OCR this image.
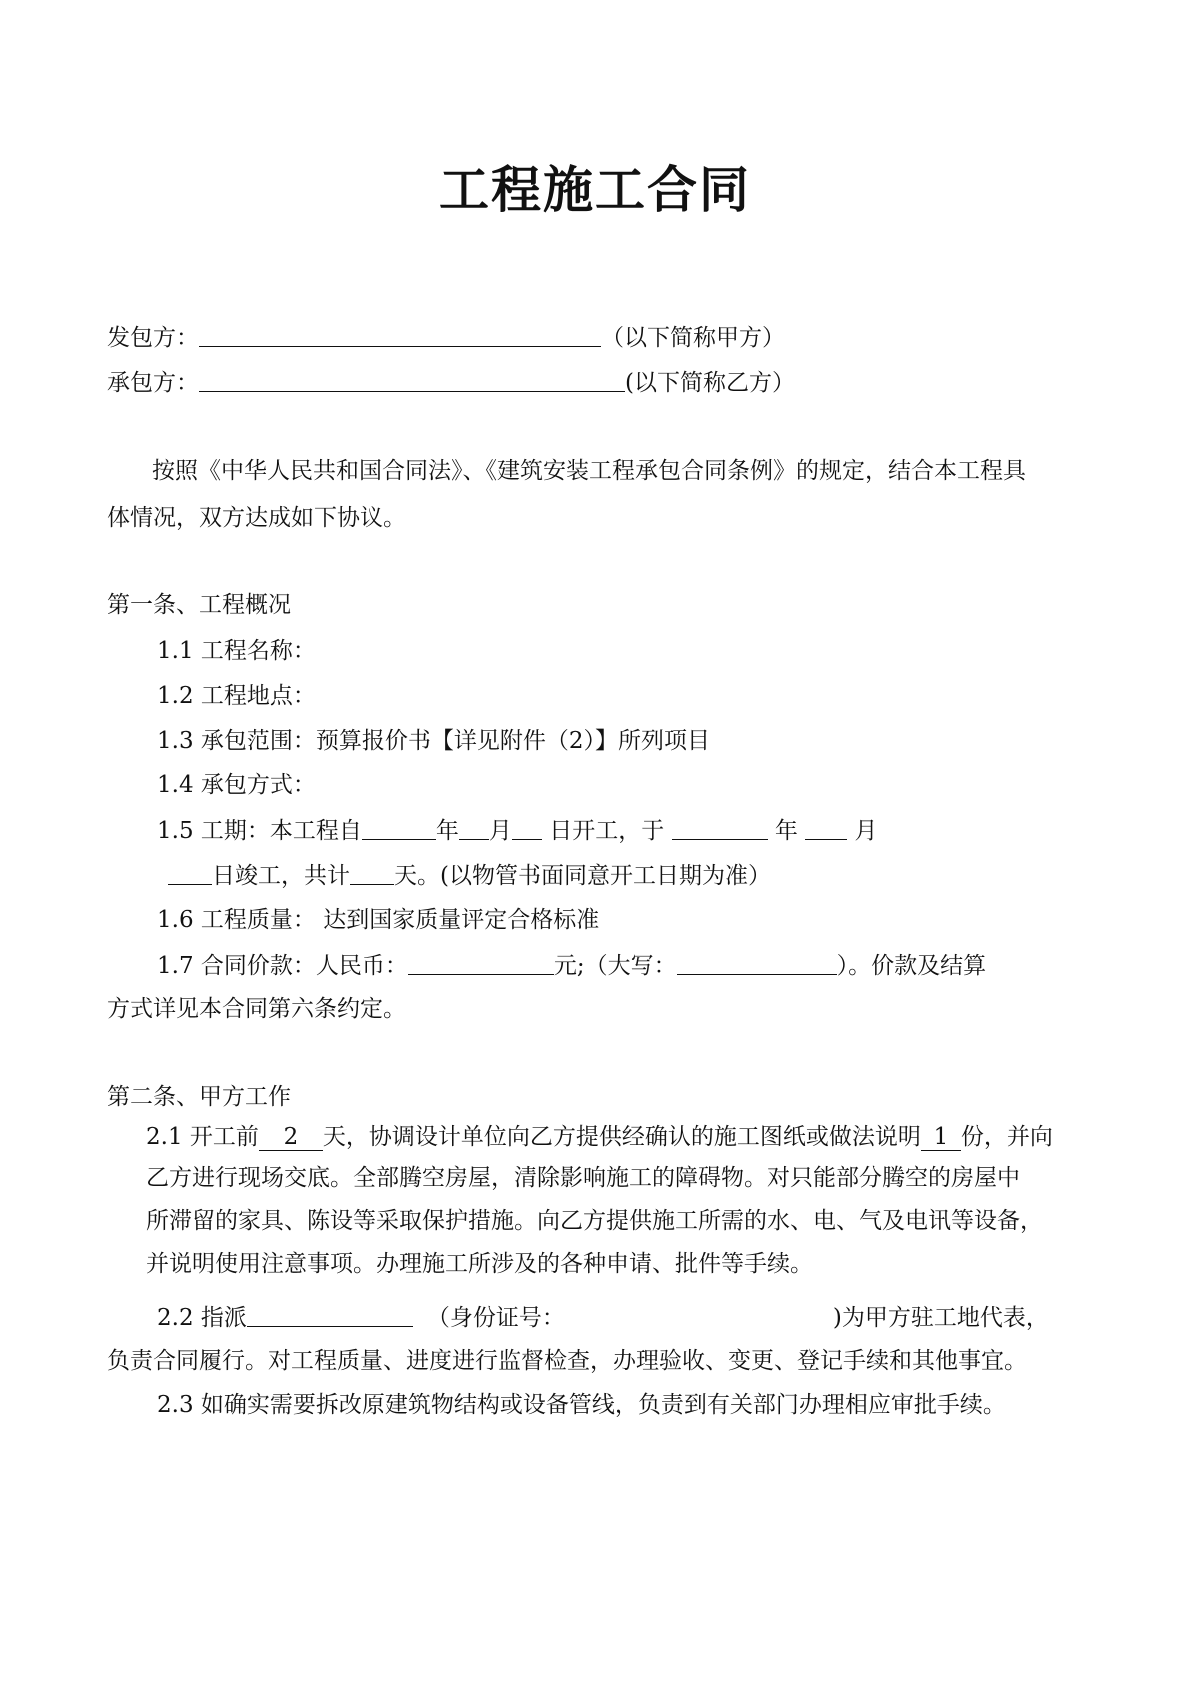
工程施工合同
发包方：	（以下简称甲方）
承包方：	(以下简称乙方）
按照《中华人民共和国合同法》、《建筑安装工程承包合同条例》的规定，结合本工程具
体情况，双方达成如下协议。
第一条、工程概况
1.1 工程名称：
1.2 工程地点：
1.3 承包范围：预算报价书【详见附件（2）】所列项目
1.4 承包方式：
1.5 工期：本工程自	年 月 日开工，于	年  月
日竣工，共计 天。(以物管书面同意开工日期为准）
1.6 工程质量： 达到国家质量评定合格标准
1.7 合同价款：人民币：	元;（大写：	）。价款及结算
方式详见本合同第六条约定。
第二条、甲方工作
2.1 开工前 2 天，协调设计单位向乙方提供经确认的施工图纸或做法说明 1 份，并向
乙方进行现场交底。全部腾空房屋，清除影响施工的障碍物。对只能部分腾空的房屋中
所滞留的家具、陈设等采取保护措施。向乙方提供施工所需的水、电、气及电讯等设备，
并说明使用注意事项。办理施工所涉及的各种申请、批件等手续。
2.2 指派	（身份证号：	)为甲方驻工地代表，
负责合同履行。对工程质量、进度进行监督检查，办理验收、变更、登记手续和其他事宜。
2.3 如确实需要拆改原建筑物结构或设备管线，负责到有关部门办理相应审批手续。
